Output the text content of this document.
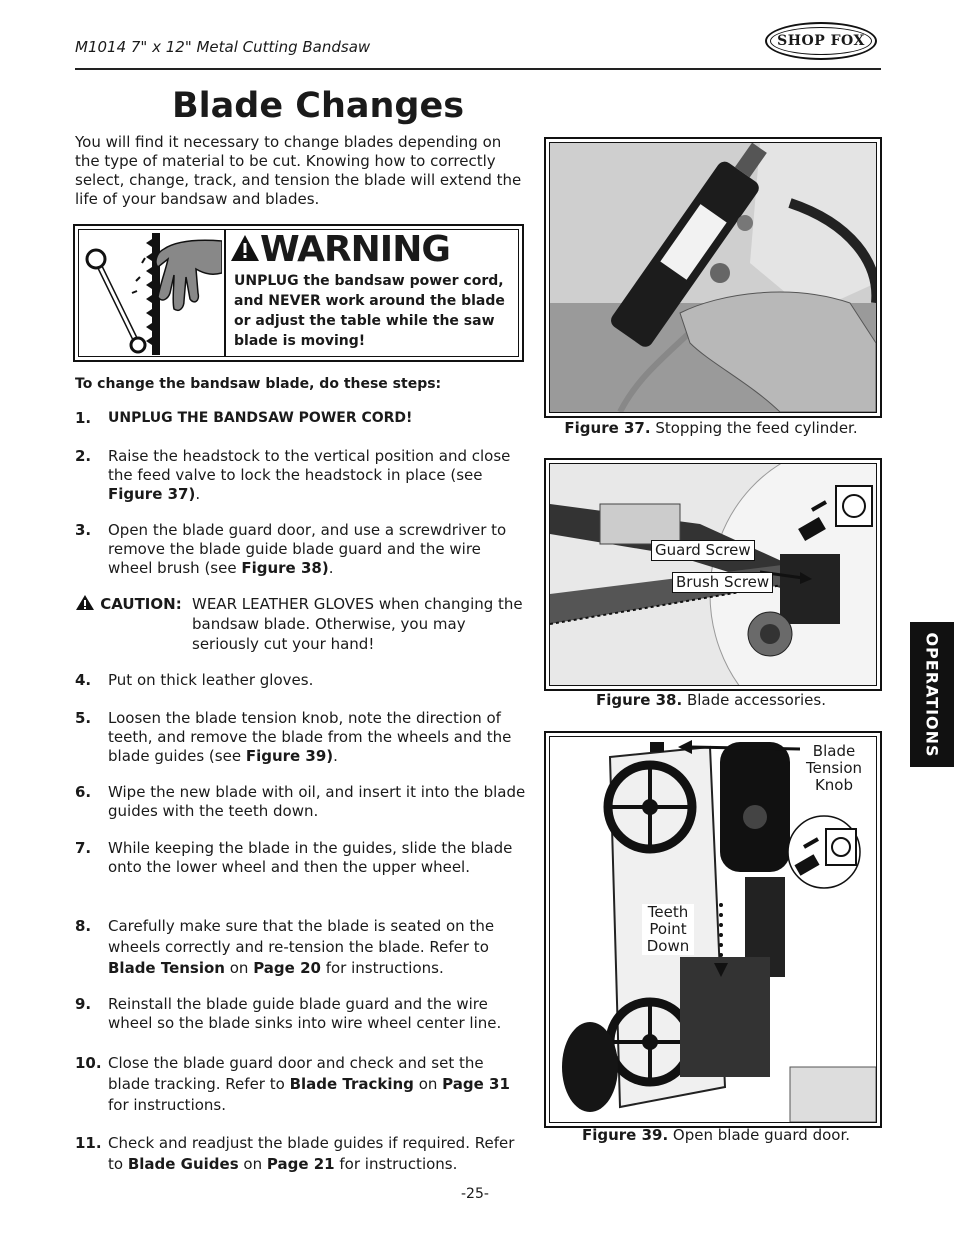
M1014 7" x 12" Metal Cutting Bandsaw	SHOP FOX
Blade Changes
You will find it necessary to change blades depending on the type of material to be cut. Knowing how to correctly select, change, track, and tension the blade will extend the life of your bandsaw and blades.
WARNING
UNPLUG the bandsaw power cord, and NEVER work around the blade or adjust the table while the saw blade is moving!
To change the bandsaw blade, do these steps:
1. UNPLUG THE BANDSAW POWER CORD!
2. Raise the headstock to the vertical position and close the feed valve to lock the headstock in place (see Figure 37).
3. Open the blade guard door, and use a screwdriver to remove the blade guide blade guard and the wire wheel brush (see Figure 38).
CAUTION: WEAR LEATHER GLOVES when changing the bandsaw blade. Otherwise, you may seriously cut your hand!
4. Put on thick leather gloves.
5. Loosen the blade tension knob, note the direction of teeth, and remove the blade from the wheels and the blade guides (see Figure 39).
6. Wipe the new blade with oil, and insert it into the blade guides with the teeth down.
7. While keeping the blade in the guides, slide the blade onto the lower wheel and then the upper wheel.
8. Carefully make sure that the blade is seated on the wheels correctly and re-tension the blade. Refer to Blade Tension on Page 20 for instructions.
9. Reinstall the blade guide blade guard and the wire wheel so the blade sinks into wire wheel center line.
10. Close the blade guard door and check and set the blade tracking. Refer to Blade Tracking on Page 31 for instructions.
11. Check and readjust the blade guides if required. Refer to Blade Guides on Page 21 for instructions.
Figure 37. Stopping the feed cylinder.
Guard Screw
Brush Screw
Figure 38. Blade accessories.
Blade Tension Knob
Teeth Point Down
Figure 39. Open blade guard door.
OPERATIONS
-25-
